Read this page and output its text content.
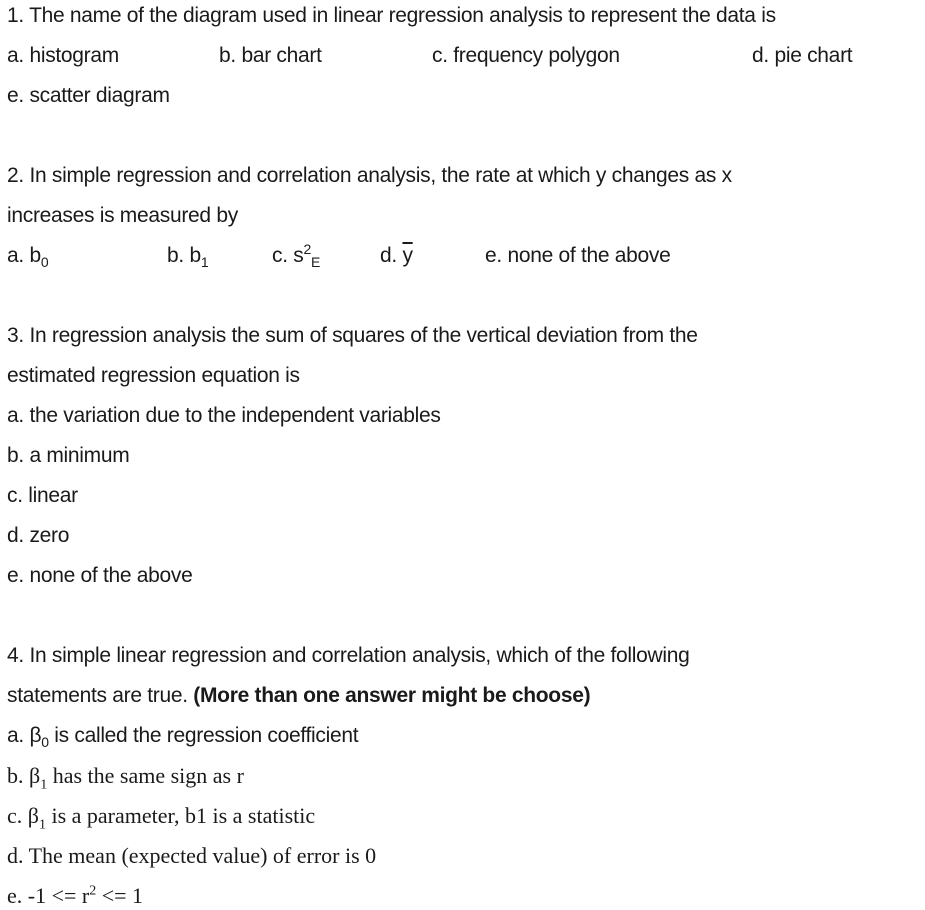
1. The name of the diagram used in linear regression analysis to represent the data is
a. histogram	b. bar chart	c. frequency polygon	d. pie chart
e. scatter diagram
2. In simple regression and correlation analysis, the rate at which y changes as x
increases is measured by
a. $b_0$	b. $b_1$	c. $s^2_E$	d. $\overline{y}$	e. none of the above
3. In regression analysis the sum of squares of the vertical deviation from the
estimated regression equation is
a. the variation due to the independent variables
b. a minimum
c. linear
d. zero
e. none of the above
4. In simple linear regression and correlation analysis, which of the following
statements are true. (More than one answer might be choose)
a. $\beta_0$ is called the regression coefficient
b. $\beta_1$ has the same sign as r
c. $\beta_1$ is a parameter, b1 is a statistic
d. The mean (expected value) of error is 0
e. $-1 <= r^2 <= 1$
